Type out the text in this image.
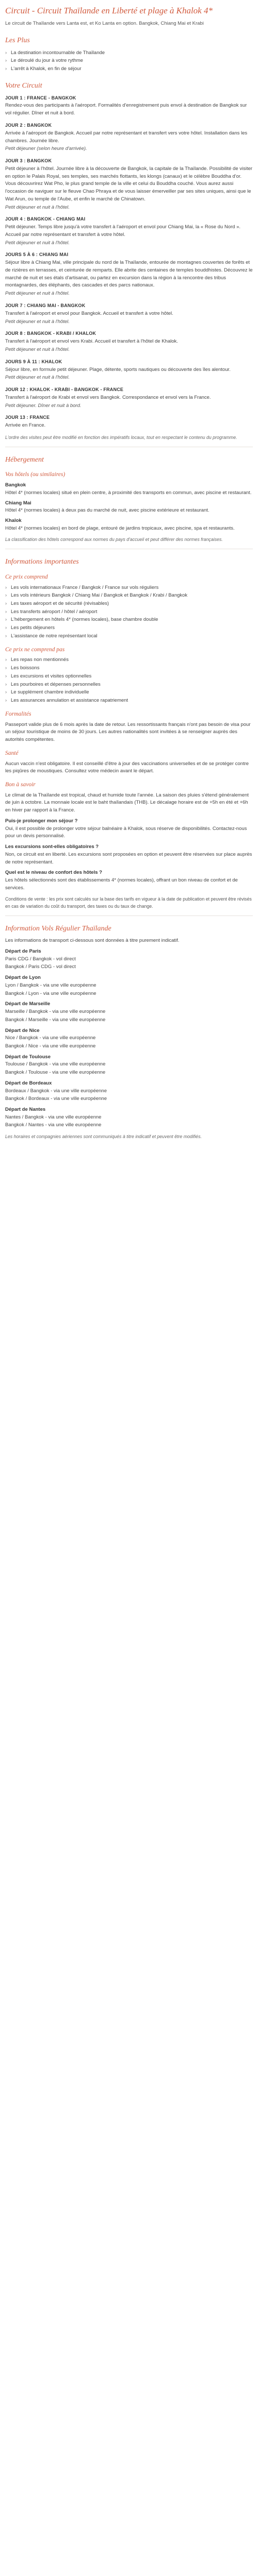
Circuit - Circuit Thaïlande en Liberté et plage à Khalok 4*

Le circuit de Thaïlande vers Lanta est, et Ko Lanta en option. Bangkok, Chiang Mai et Krabi

Les Plus
› La destination incontournable de Thaïlande
› Le déroulé du jour à votre rythme
› L'arrêt à Khalok, en fin de séjour
Votre Circuit
JOUR 1 : FRANCE - BANGKOK

Rendez-vous des participants à l'aéroport. Formalités d'enregistrement puis envol à destination de Bangkok sur vol régulier. Dîner et nuit à bord.

JOUR 2 : BANGKOK

Arrivée à l'aéroport de Bangkok. Accueil par notre représentant et transfert vers votre hôtel. Installation dans les chambres. Journée libre.

Petit déjeuner (selon heure d'arrivée).

JOUR 3 : BANGKOK

Petit déjeuner à l'hôtel. Journée libre à la découverte de Bangkok, la capitale de la Thaïlande. Possibilité de visiter en option le Palais Royal, ses temples, ses marchés flottants, les klongs (canaux) et le célèbre Bouddha d'or. Vous découvrirez Wat Pho, le plus grand temple de la ville et celui du Bouddha couché. Vous aurez aussi l'occasion de naviguer sur le fleuve Chao Phraya et de vous laisser émerveiller par ses sites uniques, ainsi que le Wat Arun, ou temple de l'Aube, et enfin le marché de Chinatown.

Petit déjeuner et nuit à l'hôtel.

JOUR 4 : BANGKOK - CHIANG MAI

Petit déjeuner. Temps libre jusqu'à votre transfert à l'aéroport et envol pour Chiang Mai, la « Rose du Nord ». Accueil par notre représentant et transfert à votre hôtel.

Petit déjeuner et nuit à l'hôtel.

JOURS 5 À 6 : CHIANG MAI

Séjour libre à Chiang Mai, ville principale du nord de la Thaïlande, entourée de montagnes couvertes de forêts et de rizières en terrasses, et ceinturée de remparts. Elle abrite des centaines de temples bouddhistes. Découvrez le marché de nuit et ses étals d'artisanat, ou partez en excursion dans la région à la rencontre des tribus montagnardes, des éléphants, des cascades et des parcs nationaux.

Petit déjeuner et nuit à l'hôtel.

JOUR 7 : CHIANG MAI - BANGKOK

Transfert à l'aéroport et envol pour Bangkok. Accueil et transfert à votre hôtel.

Petit déjeuner et nuit à l'hôtel.

JOUR 8 : BANGKOK - KRABI / KHALOK

Transfert à l'aéroport et envol vers Krabi. Accueil et transfert à l'hôtel de Khalok.

Petit déjeuner et nuit à l'hôtel.

JOURS 9 À 11 : KHALOK

Séjour libre, en formule petit déjeuner. Plage, détente, sports nautiques ou découverte des îles alentour.

Petit déjeuner et nuit à l'hôtel.

JOUR 12 : KHALOK - KRABI - BANGKOK - FRANCE

Transfert à l'aéroport de Krabi et envol vers Bangkok. Correspondance et envol vers la France.

Petit déjeuner. Dîner et nuit à bord.

JOUR 13 : FRANCE

Arrivée en France.

L'ordre des visites peut être modifié en fonction des impératifs locaux, tout en respectant le contenu du programme.

Hébergement
Vos hôtels (ou similaires)
Bangkok
Hôtel 4* (normes locales) situé en plein centre, à proximité des transports en commun, avec piscine et restaurant.
Chiang Mai
Hôtel 4* (normes locales) à deux pas du marché de nuit, avec piscine extérieure et restaurant.
Khalok
Hôtel 4* (normes locales) en bord de plage, entouré de jardins tropicaux, avec piscine, spa et restaurants.

La classification des hôtels correspond aux normes du pays d'accueil et peut différer des normes françaises.

Informations importantes
Ce prix comprend
› Les vols internationaux France / Bangkok / France sur vols réguliers
› Les vols intérieurs Bangkok / Chiang Mai / Bangkok et Bangkok / Krabi / Bangkok
› Les taxes aéroport et de sécurité (révisables)
› Les transferts aéroport / hôtel / aéroport
› L'hébergement en hôtels 4* (normes locales), base chambre double
› Les petits déjeuners
› L'assistance de notre représentant local
Ce prix ne comprend pas
› Les repas non mentionnés
› Les boissons
› Les excursions et visites optionnelles
› Les pourboires et dépenses personnelles
› Le supplément chambre individuelle
› Les assurances annulation et assistance rapatriement
Formalités

Passeport valide plus de 6 mois après la date de retour. Les ressortissants français n'ont pas besoin de visa pour un séjour touristique de moins de 30 jours. Les autres nationalités sont invitées à se renseigner auprès des autorités compétentes.

Santé

Aucun vaccin n'est obligatoire. Il est conseillé d'être à jour des vaccinations universelles et de se protéger contre les piqûres de moustiques. Consultez votre médecin avant le départ.

Bon à savoir

Le climat de la Thaïlande est tropical, chaud et humide toute l'année. La saison des pluies s'étend généralement de juin à octobre. La monnaie locale est le baht thaïlandais (THB). Le décalage horaire est de +5h en été et +6h en hiver par rapport à la France.

Puis-je prolonger mon séjour ?
Oui, il est possible de prolonger votre séjour balnéaire à Khalok, sous réserve de disponibilités. Contactez-nous pour un devis personnalisé.
Les excursions sont-elles obligatoires ?
Non, ce circuit est en liberté. Les excursions sont proposées en option et peuvent être réservées sur place auprès de notre représentant.
Quel est le niveau de confort des hôtels ?
Les hôtels sélectionnés sont des établissements 4* (normes locales), offrant un bon niveau de confort et de services.

Conditions de vente : les prix sont calculés sur la base des tarifs en vigueur à la date de publication et peuvent être révisés en cas de variation du coût du transport, des taxes ou du taux de change.

Information Vols Régulier Thaïlande

Les informations de transport ci-dessous sont données à titre purement indicatif.

Départ de Paris
Paris CDG / Bangkok - vol direct
Bangkok / Paris CDG - vol direct
Départ de Lyon
Lyon / Bangkok - via une ville européenne
Bangkok / Lyon - via une ville européenne
Départ de Marseille
Marseille / Bangkok - via une ville européenne
Bangkok / Marseille - via une ville européenne
Départ de Nice
Nice / Bangkok - via une ville européenne
Bangkok / Nice - via une ville européenne
Départ de Toulouse
Toulouse / Bangkok - via une ville européenne
Bangkok / Toulouse - via une ville européenne
Départ de Bordeaux
Bordeaux / Bangkok - via une ville européenne
Bangkok / Bordeaux - via une ville européenne
Départ de Nantes
Nantes / Bangkok - via une ville européenne
Bangkok / Nantes - via une ville européenne

Les horaires et compagnies aériennes sont communiqués à titre indicatif et peuvent être modifiés.
